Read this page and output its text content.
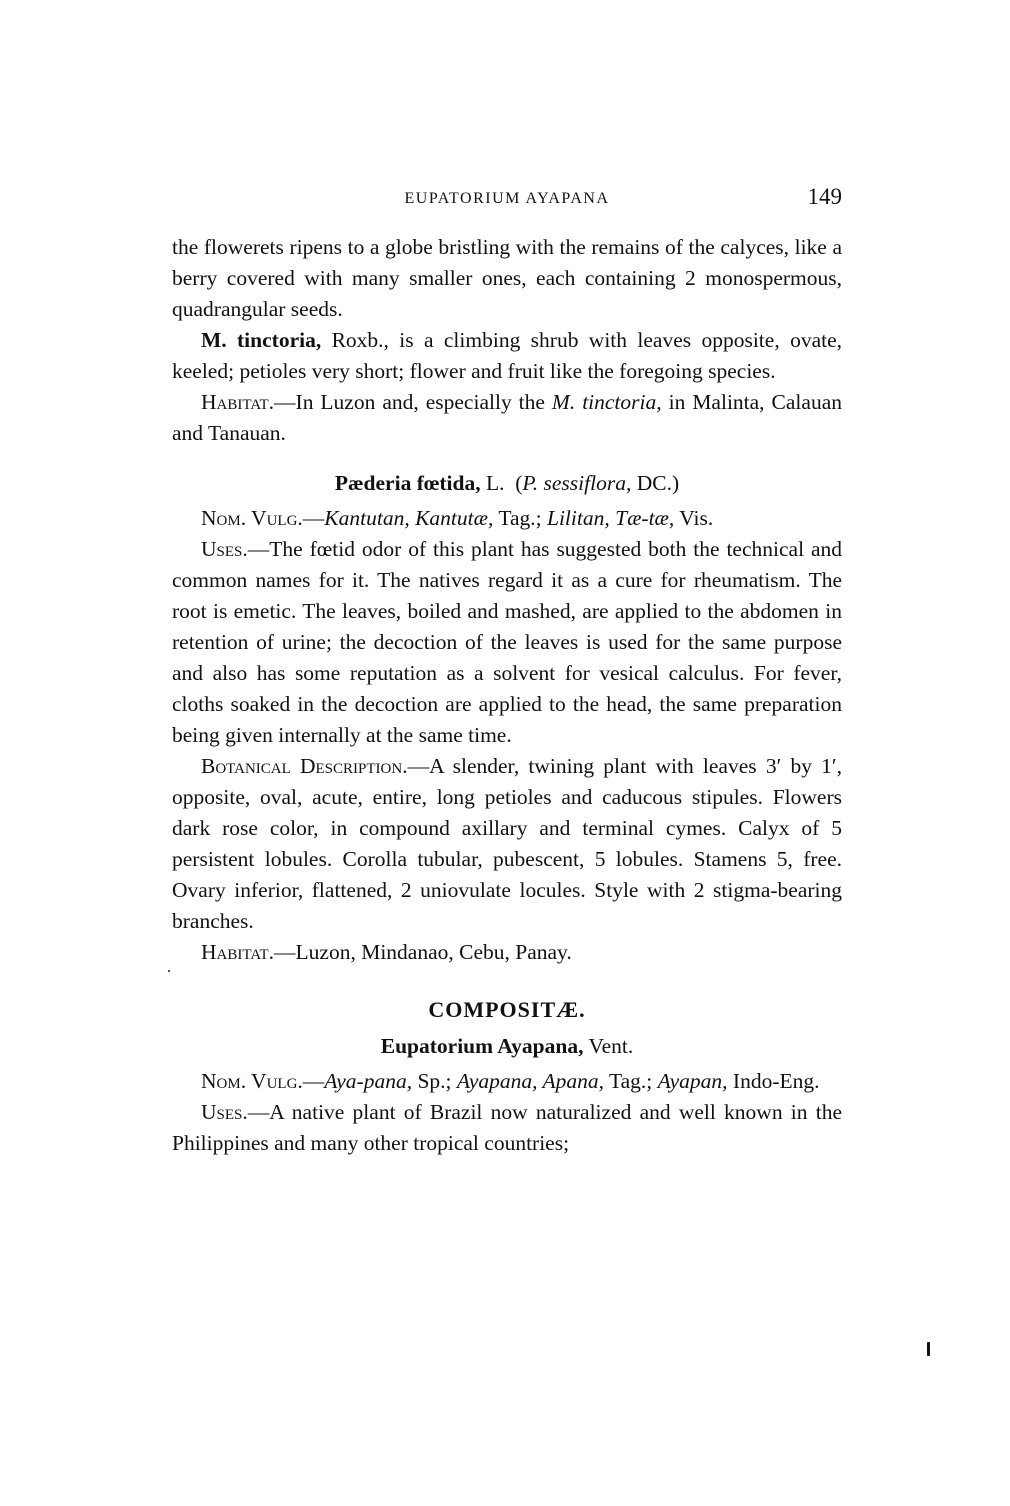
EUPATORIUM AYAPANA	149

the flowerets ripens to a globe bristling with the remains of the calyces, like a berry covered with many smaller ones, each containing 2 monospermous, quadrangular seeds.

M. tinctoria, Roxb., is a climbing shrub with leaves opposite, ovate, keeled; petioles very short; flower and fruit like the foregoing species.

Habitat.—In Luzon and, especially the M. tinctoria, in Malinta, Calauan and Tanauan.

Pæderia fœtida, L.  (P. sessiflora, DC.)

Nom. Vulg.—Kantutan, Kantutæ, Tag.; Lilitan, Tæ-tæ, Vis.

Uses.—The fœtid odor of this plant has suggested both the technical and common names for it. The natives regard it as a cure for rheumatism. The root is emetic. The leaves, boiled and mashed, are applied to the abdomen in retention of urine; the decoction of the leaves is used for the same purpose and also has some reputation as a solvent for vesical calculus. For fever, cloths soaked in the decoction are applied to the head, the same preparation being given internally at the same time.

Botanical Description.—A slender, twining plant with leaves 3′ by 1′, opposite, oval, acute, entire, long petioles and caducous stipules. Flowers dark rose color, in compound axillary and terminal cymes. Calyx of 5 persistent lobules. Corolla tubular, pubescent, 5 lobules. Stamens 5, free. Ovary inferior, flattened, 2 uniovulate locules. Style with 2 stigma-bearing branches.

Habitat.—Luzon, Mindanao, Cebu, Panay.

COMPOSITÆ.

Eupatorium Ayapana, Vent.

Nom. Vulg.—Aya-pana, Sp.; Ayapana, Apana, Tag.; Ayapan, Indo-Eng.

Uses.—A native plant of Brazil now naturalized and well known in the Philippines and many other tropical countries;
